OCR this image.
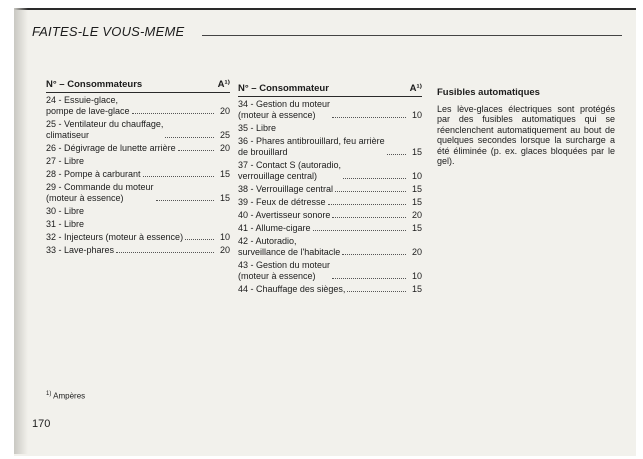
FAITES-LE VOUS-MEME
N° – Consommateurs	A¹⁾
24 - Essuie-glace,
pompe de lave-glace	20
25 - Ventilateur du chauffage,
climatiseur	25
26 - Dégivrage de lunette arrière	20
27 - Libre
28 - Pompe à carburant	15
29 - Commande du moteur
(moteur à essence)	15
30 - Libre
31 - Libre
32 - Injecteurs (moteur à essence)	10
33 - Lave-phares	20
N° – Consommateur	A¹⁾
34 - Gestion du moteur
(moteur à essence)	10
35 - Libre
36 - Phares antibrouillard, feu arrière
de brouillard	15
37 - Contact S (autoradio,
verrouillage central)	10
38 - Verrouillage central	15
39 - Feux de détresse	15
40 - Avertisseur sonore	20
41 - Allume-cigare	15
42 - Autoradio,
surveillance de l'habitacle	20
43 - Gestion du moteur
(moteur à essence)	10
44 - Chauffage des sièges,	15
Fusibles automatiques
Les lève-glaces électriques sont protégés par des fusibles automatiques qui se réenclenchent automatiquement au bout de quelques secondes lorsque la surcharge a été éliminée (p. ex. glaces bloquées par le gel).
$^{1)}$ Ampères
170
